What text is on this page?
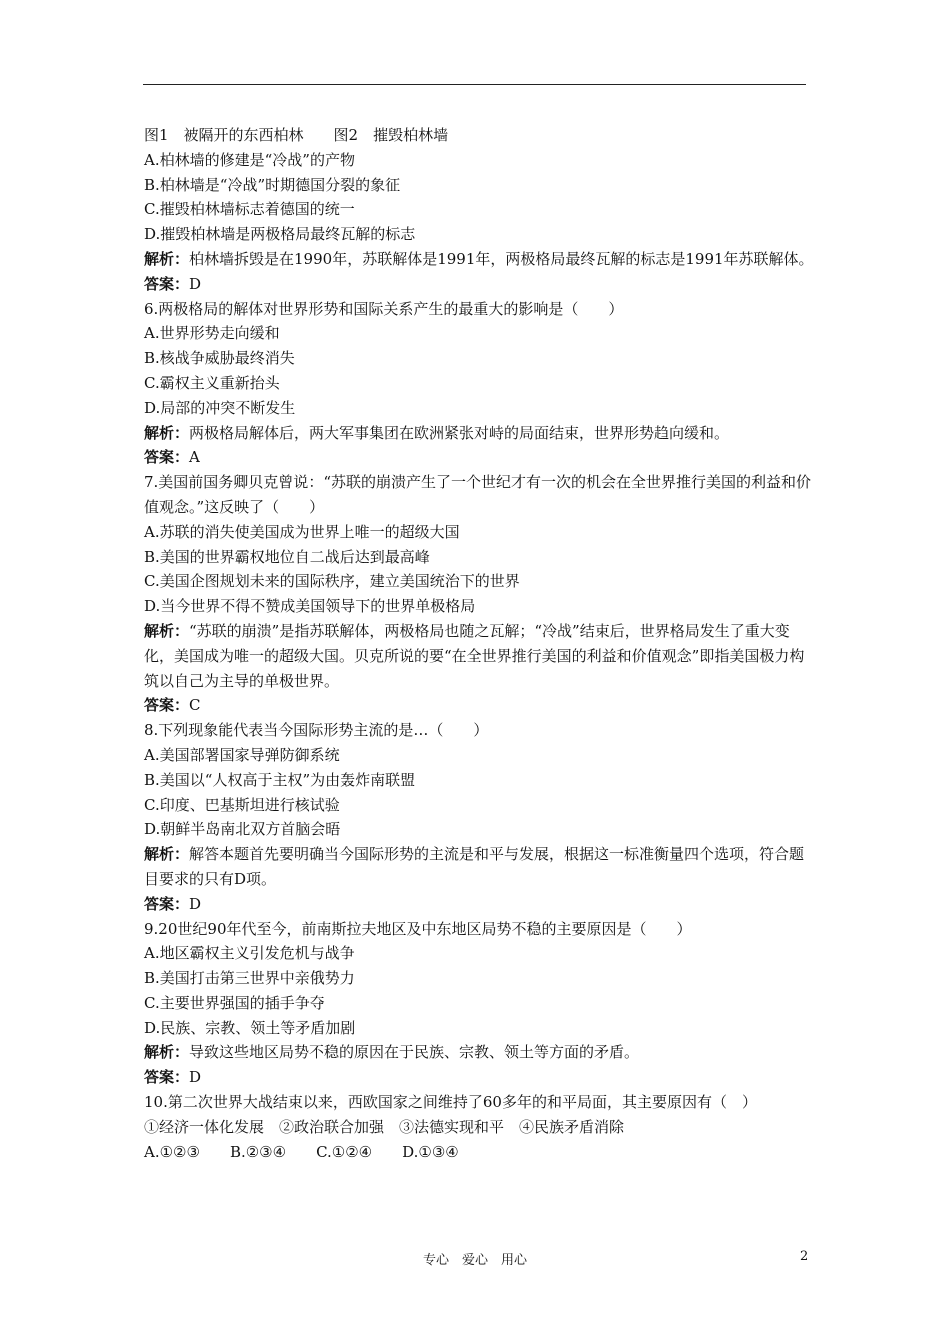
图1　被隔开的东西柏林　　图2　摧毁柏林墙
A.柏林墙的修建是“冷战”的产物
B.柏林墙是“冷战”时期德国分裂的象征
C.摧毁柏林墙标志着德国的统一
D.摧毁柏林墙是两极格局最终瓦解的标志
解析：柏林墙拆毁是在1990年，苏联解体是1991年，两极格局最终瓦解的标志是1991年苏联解体。
答案：D
6.两极格局的解体对世界形势和国际关系产生的最重大的影响是（　　）
A.世界形势走向缓和
B.核战争威胁最终消失
C.霸权主义重新抬头
D.局部的冲突不断发生
解析：两极格局解体后，两大军事集团在欧洲紧张对峙的局面结束，世界形势趋向缓和。
答案：A
7.美国前国务卿贝克曾说：“苏联的崩溃产生了一个世纪才有一次的机会在全世界推行美国的利益和价值观念。”这反映了（　　）
A.苏联的消失使美国成为世界上唯一的超级大国
B.美国的世界霸权地位自二战后达到最高峰
C.美国企图规划未来的国际秩序，建立美国统治下的世界
D.当今世界不得不赞成美国领导下的世界单极格局
解析：“苏联的崩溃”是指苏联解体，两极格局也随之瓦解；“冷战”结束后，世界格局发生了重大变化，美国成为唯一的超级大国。贝克所说的要“在全世界推行美国的利益和价值观念”即指美国极力构筑以自己为主导的单极世界。
答案：C
8.下列现象能代表当今国际形势主流的是…（　　）
A.美国部署国家导弹防御系统
B.美国以“人权高于主权”为由轰炸南联盟
C.印度、巴基斯坦进行核试验
D.朝鲜半岛南北双方首脑会晤
解析：解答本题首先要明确当今国际形势的主流是和平与发展，根据这一标准衡量四个选项，符合题目要求的只有D项。
答案：D
9.20世纪90年代至今，前南斯拉夫地区及中东地区局势不稳的主要原因是（　　）
A.地区霸权主义引发危机与战争
B.美国打击第三世界中亲俄势力
C.主要世界强国的插手争夺
D.民族、宗教、领土等矛盾加剧
解析：导致这些地区局势不稳的原因在于民族、宗教、领土等方面的矛盾。
答案：D
10.第二次世界大战结束以来，西欧国家之间维持了60多年的和平局面，其主要原因有（　）
①经济一体化发展　②政治联合加强　③法德实现和平　④民族矛盾消除
A.①②③　　B.②③④　　C.①②④　　D.①③④
专心　爱心　用心	2
